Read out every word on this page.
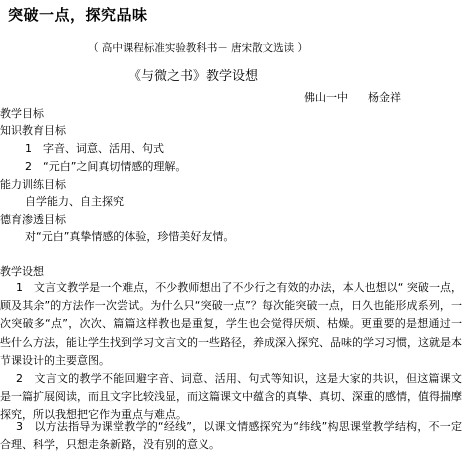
突破一点，探究品味
（ 高中课程标准实验教科书－ 唐宋散文选读 ）
《与微之书》教学设想
佛山一中 杨金祥
教学目标
知识教育目标
1　字音、词意、活用、句式
2　“元白”之间真切情感的理解。
能力训练目标
自学能力、自主探究
德育渗透目标
对“元白”真挚情感的体验，珍惜美好友情。
教学设想

1　文言文教学是一个难点，不少教师想出了不少行之有效的办法，本人也想以“ 突破一点，顾及其余”的方法作一次尝试。为什么只“突破一点”？每次能突破一点，日久也能形成系列，一次突破多“点”，次次、篇篇这样教也是重复，学生也会觉得厌烦、枯燥。更重要的是想通过一些什么方法，能让学生找到学习文言文的一些路径，养成深入探究、品味的学习习惯，这就是本节课设计的主要意图。

2　文言文的教学不能回避字音、词意、活用、句式等知识，这是大家的共识，但这篇课文是一篇扩展阅读，而且文字比较浅显，而这篇课文中蕴含的真挚、真切、深重的感情，值得揣摩探究，所以我想把它作为重点与难点。

3　以方法指导为课堂教学的“经线”，以课文情感探究为“纬线”构思课堂教学结构，不一定合理、科学，只想走条新路，没有别的意义。
